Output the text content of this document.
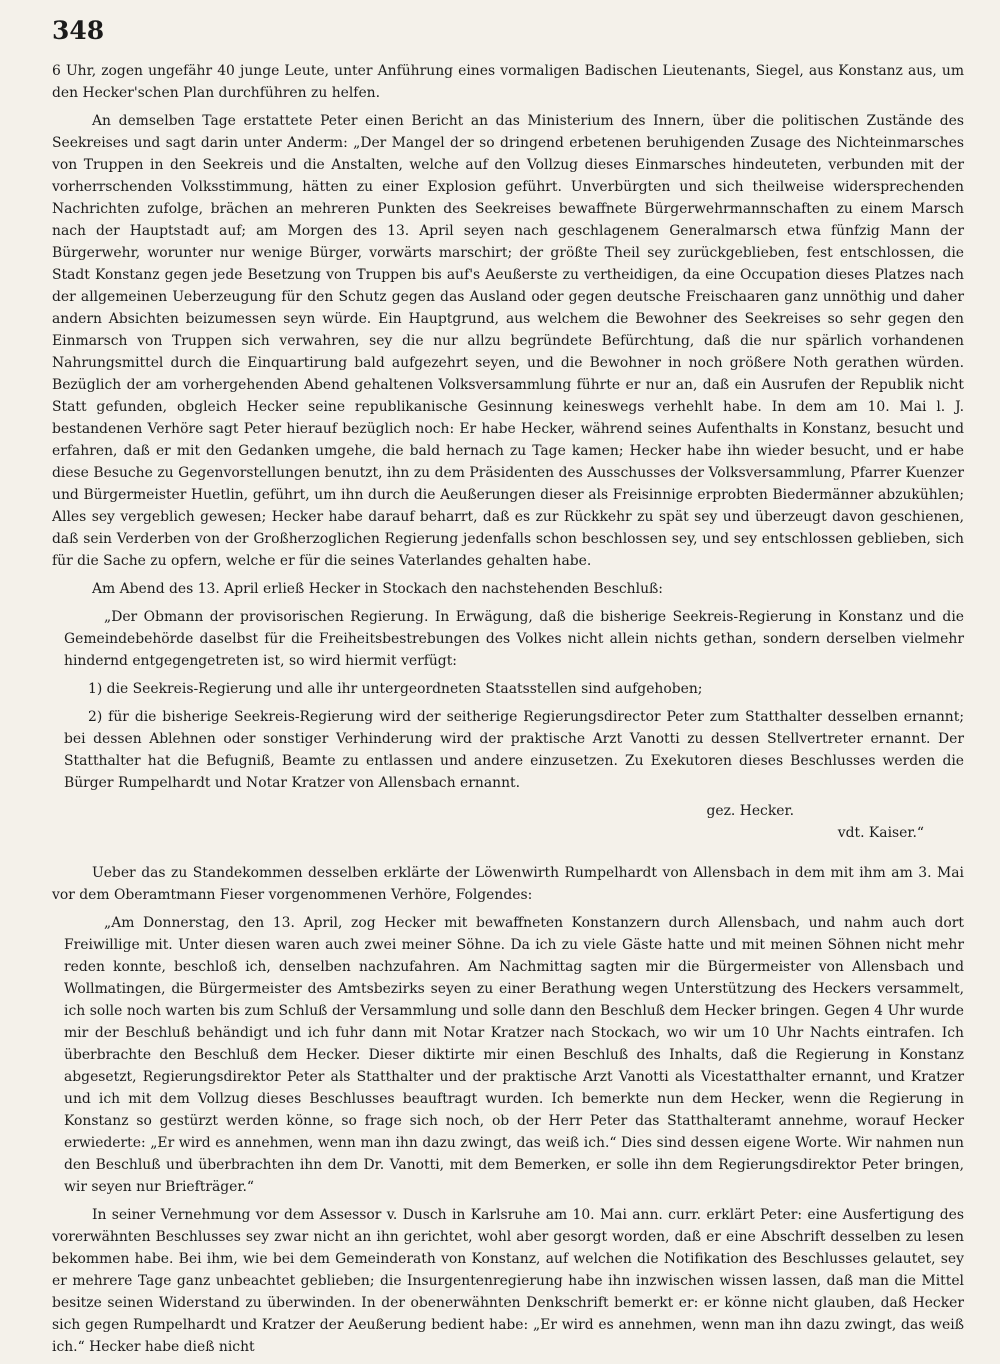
348

6 Uhr, zogen ungefähr 40 junge Leute, unter Anführung eines vormaligen Badischen Lieutenants, Siegel, aus Konstanz aus, um den Hecker'schen Plan durchführen zu helfen.

An demselben Tage erstattete Peter einen Bericht an das Ministerium des Innern, über die politischen Zustände des Seekreises und sagt darin unter Anderm: „Der Mangel der so dringend erbetenen beruhigenden Zusage des Nichteinmarsches von Truppen in den Seekreis und die Anstalten, welche auf den Vollzug dieses Einmarsches hindeuteten, verbunden mit der vorherrschenden Volksstimmung, hätten zu einer Explosion geführt. Unverbürgten und sich theilweise widersprechenden Nachrichten zufolge, brächen an mehreren Punkten des Seekreises bewaffnete Bürgerwehrmannschaften zu einem Marsch nach der Hauptstadt auf; am Morgen des 13. April seyen nach geschlagenem Generalmarsch etwa fünfzig Mann der Bürgerwehr, worunter nur wenige Bürger, vorwärts marschirt; der größte Theil sey zurückgeblieben, fest entschlossen, die Stadt Konstanz gegen jede Besetzung von Truppen bis auf's Aeußerste zu vertheidigen, da eine Occupation dieses Platzes nach der allgemeinen Ueberzeugung für den Schutz gegen das Ausland oder gegen deutsche Freischaaren ganz unnöthig und daher andern Absichten beizumessen seyn würde. Ein Hauptgrund, aus welchem die Bewohner des Seekreises so sehr gegen den Einmarsch von Truppen sich verwahren, sey die nur allzu begründete Befürchtung, daß die nur spärlich vorhandenen Nahrungsmittel durch die Einquartirung bald aufgezehrt seyen, und die Bewohner in noch größere Noth gerathen würden. Bezüglich der am vorhergehenden Abend gehaltenen Volksversammlung führte er nur an, daß ein Ausrufen der Republik nicht Statt gefunden, obgleich Hecker seine republikanische Gesinnung keineswegs verhehlt habe. In dem am 10. Mai l. J. bestandenen Verhöre sagt Peter hierauf bezüglich noch: Er habe Hecker, während seines Aufenthalts in Konstanz, besucht und erfahren, daß er mit den Gedanken umgehe, die bald hernach zu Tage kamen; Hecker habe ihn wieder besucht, und er habe diese Besuche zu Gegenvorstellungen benutzt, ihn zu dem Präsidenten des Ausschusses der Volksversammlung, Pfarrer Kuenzer und Bürgermeister Huetlin, geführt, um ihn durch die Aeußerungen dieser als Freisinnige erprobten Biedermänner abzukühlen; Alles sey vergeblich gewesen; Hecker habe darauf beharrt, daß es zur Rückkehr zu spät sey und überzeugt davon geschienen, daß sein Verderben von der Großherzoglichen Regierung jedenfalls schon beschlossen sey, und sey entschlossen geblieben, sich für die Sache zu opfern, welche er für die seines Vaterlandes gehalten habe.

Am Abend des 13. April erließ Hecker in Stockach den nachstehenden Beschluß:

„Der Obmann der provisorischen Regierung. In Erwägung, daß die bisherige Seekreis-Regierung in Konstanz und die Gemeindebehörde daselbst für die Freiheitsbestrebungen des Volkes nicht allein nichts gethan, sondern derselben vielmehr hindernd entgegengetreten ist, so wird hiermit verfügt:

1) die Seekreis-Regierung und alle ihr untergeordneten Staatsstellen sind aufgehoben;

2) für die bisherige Seekreis-Regierung wird der seitherige Regierungsdirector Peter zum Statthalter desselben ernannt; bei dessen Ablehnen oder sonstiger Verhinderung wird der praktische Arzt Vanotti zu dessen Stellvertreter ernannt. Der Statthalter hat die Befugniß, Beamte zu entlassen und andere einzusetzen. Zu Exekutoren dieses Beschlusses werden die Bürger Rumpelhardt und Notar Kratzer von Allensbach ernannt.

gez. Hecker.

vdt. Kaiser.“

Ueber das zu Standekommen desselben erklärte der Löwenwirth Rumpelhardt von Allensbach in dem mit ihm am 3. Mai vor dem Oberamtmann Fieser vorgenommenen Verhöre, Folgendes:

„Am Donnerstag, den 13. April, zog Hecker mit bewaffneten Konstanzern durch Allensbach, und nahm auch dort Freiwillige mit. Unter diesen waren auch zwei meiner Söhne. Da ich zu viele Gäste hatte und mit meinen Söhnen nicht mehr reden konnte, beschloß ich, denselben nachzufahren. Am Nachmittag sagten mir die Bürgermeister von Allensbach und Wollmatingen, die Bürgermeister des Amtsbezirks seyen zu einer Berathung wegen Unterstützung des Heckers versammelt, ich solle noch warten bis zum Schluß der Versammlung und solle dann den Beschluß dem Hecker bringen. Gegen 4 Uhr wurde mir der Beschluß behändigt und ich fuhr dann mit Notar Kratzer nach Stockach, wo wir um 10 Uhr Nachts eintrafen. Ich überbrachte den Beschluß dem Hecker. Dieser diktirte mir einen Beschluß des Inhalts, daß die Regierung in Konstanz abgesetzt, Regierungsdirektor Peter als Statthalter und der praktische Arzt Vanotti als Vicestatthalter ernannt, und Kratzer und ich mit dem Vollzug dieses Beschlusses beauftragt wurden. Ich bemerkte nun dem Hecker, wenn die Regierung in Konstanz so gestürzt werden könne, so frage sich noch, ob der Herr Peter das Statthalteramt annehme, worauf Hecker erwiederte: „Er wird es annehmen, wenn man ihn dazu zwingt, das weiß ich.“ Dies sind dessen eigene Worte. Wir nahmen nun den Beschluß und überbrachten ihn dem Dr. Vanotti, mit dem Bemerken, er solle ihn dem Regierungsdirektor Peter bringen, wir seyen nur Briefträger.“

In seiner Vernehmung vor dem Assessor v. Dusch in Karlsruhe am 10. Mai ann. curr. erklärt Peter: eine Ausfertigung des vorerwähnten Beschlusses sey zwar nicht an ihn gerichtet, wohl aber gesorgt worden, daß er eine Abschrift desselben zu lesen bekommen habe. Bei ihm, wie bei dem Gemeinderath von Konstanz, auf welchen die Notifikation des Beschlusses gelautet, sey er mehrere Tage ganz unbeachtet geblieben; die Insurgentenregierung habe ihn inzwischen wissen lassen, daß man die Mittel besitze seinen Widerstand zu überwinden. In der obenerwähnten Denkschrift bemerkt er: er könne nicht glauben, daß Hecker sich gegen Rumpelhardt und Kratzer der Aeußerung bedient habe: „Er wird es annehmen, wenn man ihn dazu zwingt, das weiß ich.“ Hecker habe dieß nicht
